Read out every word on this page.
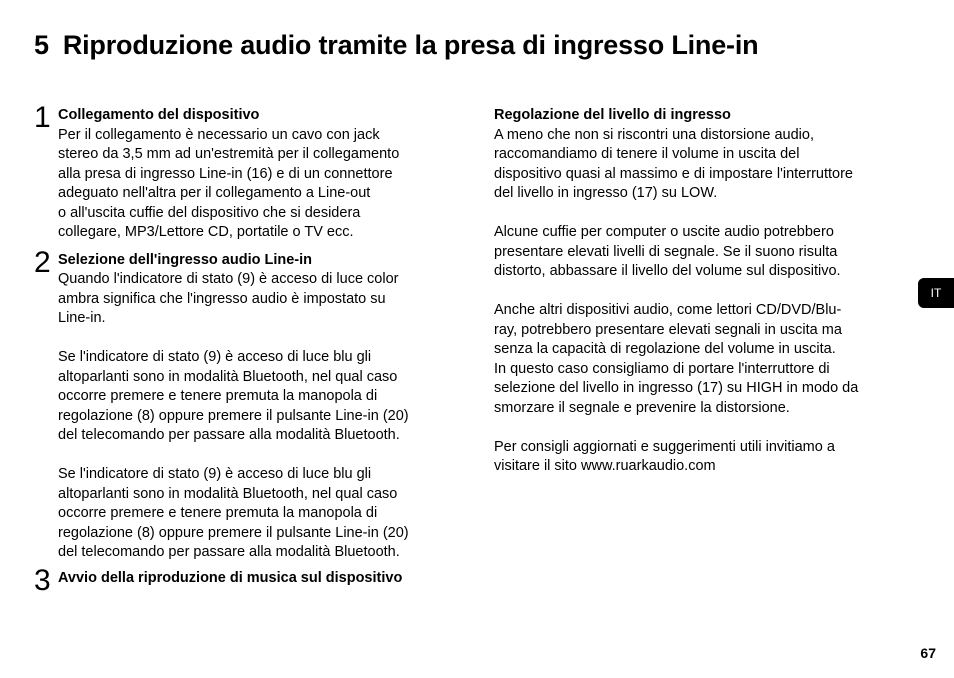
5 Riproduzione audio tramite la presa di ingresso Line-in
1 Collegamento del dispositivo

Per il collegamento è necessario un cavo con jack
stereo da 3,5 mm ad un'estremità per il collegamento
alla presa di ingresso Line-in (16) e di un connettore
adeguato nell'altra per il collegamento a Line-out
o all'uscita cuffie del dispositivo che si desidera
collegare, MP3/Lettore CD, portatile o TV ecc.

2 Selezione dell'ingresso audio Line-in

Quando l'indicatore di stato (9) è acceso di luce color
ambra significa che l'ingresso audio è impostato su
Line-in.

Se l'indicatore di stato (9) è acceso di luce blu gli
altoparlanti sono in modalità Bluetooth, nel qual caso
occorre premere e tenere premuta la manopola di
regolazione (8) oppure premere il pulsante Line-in (20)
del telecomando per passare alla modalità Bluetooth.

Se l'indicatore di stato (9) è acceso di luce blu gli
altoparlanti sono in modalità Bluetooth, nel qual caso
occorre premere e tenere premuta la manopola di
regolazione (8) oppure premere il pulsante Line-in (20)
del telecomando per passare alla modalità Bluetooth.

3 Avvio della riproduzione di musica sul dispositivo
Regolazione del livello di ingresso

A meno che non si riscontri una distorsione audio,
raccomandiamo di tenere il volume in uscita del
dispositivo quasi al massimo e di impostare l'interruttore
del livello in ingresso (17) su LOW.

Alcune cuffie per computer o uscite audio potrebbero
presentare elevati livelli di segnale. Se il suono risulta
distorto, abbassare il livello del volume sul dispositivo.

Anche altri dispositivi audio, come lettori CD/DVD/Blu-
ray, potrebbero presentare elevati segnali in uscita ma
senza la capacità di regolazione del volume in uscita.
In questo caso consigliamo di portare l'interruttore di
selezione del livello in ingresso (17) su HIGH in modo da
smorzare il segnale e prevenire la distorsione.

Per consigli aggiornati e suggerimenti utili invitiamo a
visitare il sito www.ruarkaudio.com

IT
67
